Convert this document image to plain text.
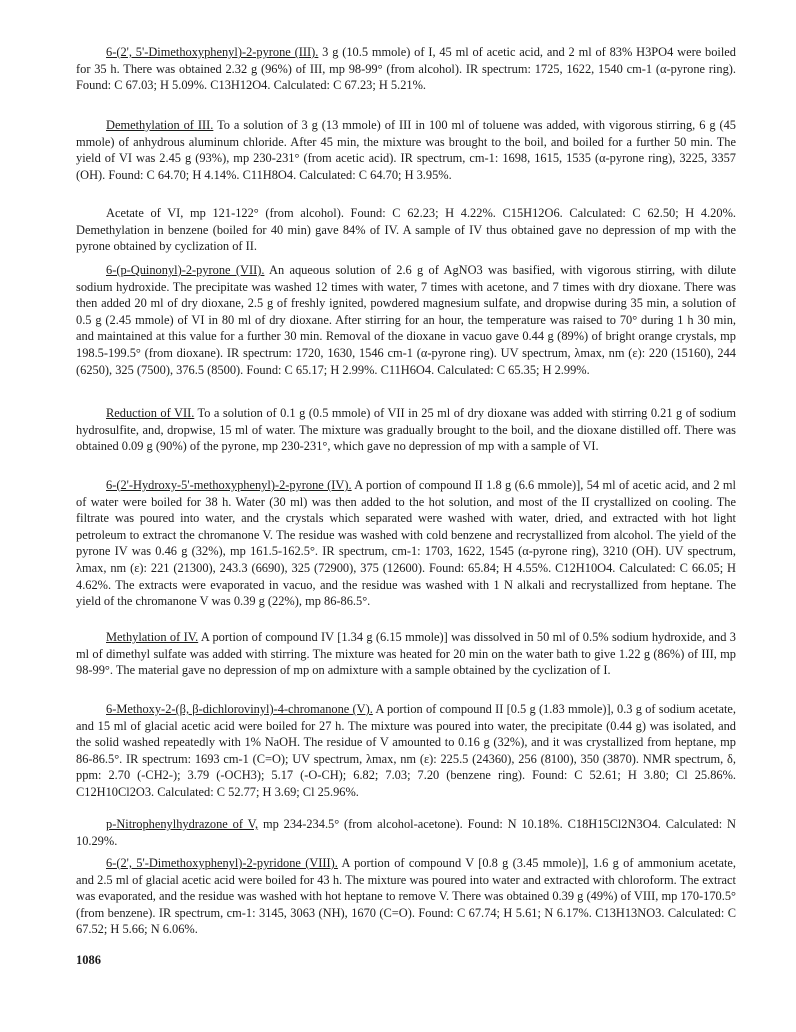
6-(2', 5'-Dimethoxyphenyl)-2-pyrone (III). 3 g (10.5 mmole) of I, 45 ml of acetic acid, and 2 ml of 83% H3PO4 were boiled for 35 h. There was obtained 2.32 g (96%) of III, mp 98-99° (from alcohol). IR spectrum: 1725, 1622, 1540 cm-1 (α-pyrone ring). Found: C 67.03; H 5.09%. C13H12O4. Calculated: C 67.23; H 5.21%.

Demethylation of III. To a solution of 3 g (13 mmole) of III in 100 ml of toluene was added, with vigorous stirring, 6 g (45 mmole) of anhydrous aluminum chloride. After 45 min, the mixture was brought to the boil, and boiled for a further 50 min. The yield of VI was 2.45 g (93%), mp 230-231° (from acetic acid). IR spectrum, cm-1: 1698, 1615, 1535 (α-pyrone ring), 3225, 3357 (OH). Found: C 64.70; H 4.14%. C11H8O4. Calculated: C 64.70; H 3.95%.

Acetate of VI, mp 121-122° (from alcohol). Found: C 62.23; H 4.22%. C15H12O6. Calculated: C 62.50; H 4.20%. Demethylation in benzene (boiled for 40 min) gave 84% of IV. A sample of IV thus obtained gave no depression of mp with the pyrone obtained by cyclization of II.

6-(p-Quinonyl)-2-pyrone (VII). An aqueous solution of 2.6 g of AgNO3 was basified, with vigorous stirring, with dilute sodium hydroxide. The precipitate was washed 12 times with water, 7 times with acetone, and 7 times with dry dioxane. There was then added 20 ml of dry dioxane, 2.5 g of freshly ignited, powdered magnesium sulfate, and dropwise during 35 min, a solution of 0.5 g (2.45 mmole) of VI in 80 ml of dry dioxane. After stirring for an hour, the temperature was raised to 70° during 1 h 30 min, and maintained at this value for a further 30 min. Removal of the dioxane in vacuo gave 0.44 g (89%) of bright orange crystals, mp 198.5-199.5° (from dioxane). IR spectrum: 1720, 1630, 1546 cm-1 (α-pyrone ring). UV spectrum, λmax, nm (ε): 220 (15160), 244 (6250), 325 (7500), 376.5 (8500). Found: C 65.17; H 2.99%. C11H6O4. Calculated: C 65.35; H 2.99%.

Reduction of VII. To a solution of 0.1 g (0.5 mmole) of VII in 25 ml of dry dioxane was added with stirring 0.21 g of sodium hydrosulfite, and, dropwise, 15 ml of water. The mixture was gradually brought to the boil, and the dioxane distilled off. There was obtained 0.09 g (90%) of the pyrone, mp 230-231°, which gave no depression of mp with a sample of VI.

6-(2'-Hydroxy-5'-methoxyphenyl)-2-pyrone (IV). A portion of compound II 1.8 g (6.6 mmole)], 54 ml of acetic acid, and 2 ml of water were boiled for 38 h. Water (30 ml) was then added to the hot solution, and most of the II crystallized on cooling. The filtrate was poured into water, and the crystals which separated were washed with water, dried, and extracted with hot light petroleum to extract the chromanone V. The residue was washed with cold benzene and recrystallized from alcohol. The yield of the pyrone IV was 0.46 g (32%), mp 161.5-162.5°. IR spectrum, cm-1: 1703, 1622, 1545 (α-pyrone ring), 3210 (OH). UV spectrum, λmax, nm (ε): 221 (21300), 243.3 (6690), 325 (72900), 375 (12600). Found: 65.84; H 4.55%. C12H10O4. Calculated: C 66.05; H 4.62%. The extracts were evaporated in vacuo, and the residue was washed with 1 N alkali and recrystallized from heptane. The yield of the chromanone V was 0.39 g (22%), mp 86-86.5°.

Methylation of IV. A portion of compound IV [1.34 g (6.15 mmole)] was dissolved in 50 ml of 0.5% sodium hydroxide, and 3 ml of dimethyl sulfate was added with stirring. The mixture was heated for 20 min on the water bath to give 1.22 g (86%) of III, mp 98-99°. The material gave no depression of mp on admixture with a sample obtained by the cyclization of I.

6-Methoxy-2-(β, β-dichlorovinyl)-4-chromanone (V). A portion of compound II [0.5 g (1.83 mmole)], 0.3 g of sodium acetate, and 15 ml of glacial acetic acid were boiled for 27 h. The mixture was poured into water, the precipitate (0.44 g) was isolated, and the solid washed repeatedly with 1% NaOH. The residue of V amounted to 0.16 g (32%), and it was crystallized from heptane, mp 86-86.5°. IR spectrum: 1693 cm-1 (C=O); UV spectrum, λmax, nm (ε): 225.5 (24360), 256 (8100), 350 (3870). NMR spectrum, δ, ppm: 2.70 (-CH2-); 3.79 (-OCH3); 5.17 (-O-CH); 6.82; 7.03; 7.20 (benzene ring). Found: C 52.61; H 3.80; Cl 25.86%. C12H10Cl2O3. Calculated: C 52.77; H 3.69; Cl 25.96%.

p-Nitrophenylhydrazone of V, mp 234-234.5° (from alcohol-acetone). Found: N 10.18%. C18H15Cl2N3O4. Calculated: N 10.29%.

6-(2', 5'-Dimethoxyphenyl)-2-pyridone (VIII). A portion of compound V [0.8 g (3.45 mmole)], 1.6 g of ammonium acetate, and 2.5 ml of glacial acetic acid were boiled for 43 h. The mixture was poured into water and extracted with chloroform. The extract was evaporated, and the residue was washed with hot heptane to remove V. There was obtained 0.39 g (49%) of VIII, mp 170-170.5° (from benzene). IR spectrum, cm-1: 3145, 3063 (NH), 1670 (C=O). Found: C 67.74; H 5.61; N 6.17%. C13H13NO3. Calculated: C 67.52; H 5.66; N 6.06%.

1086
